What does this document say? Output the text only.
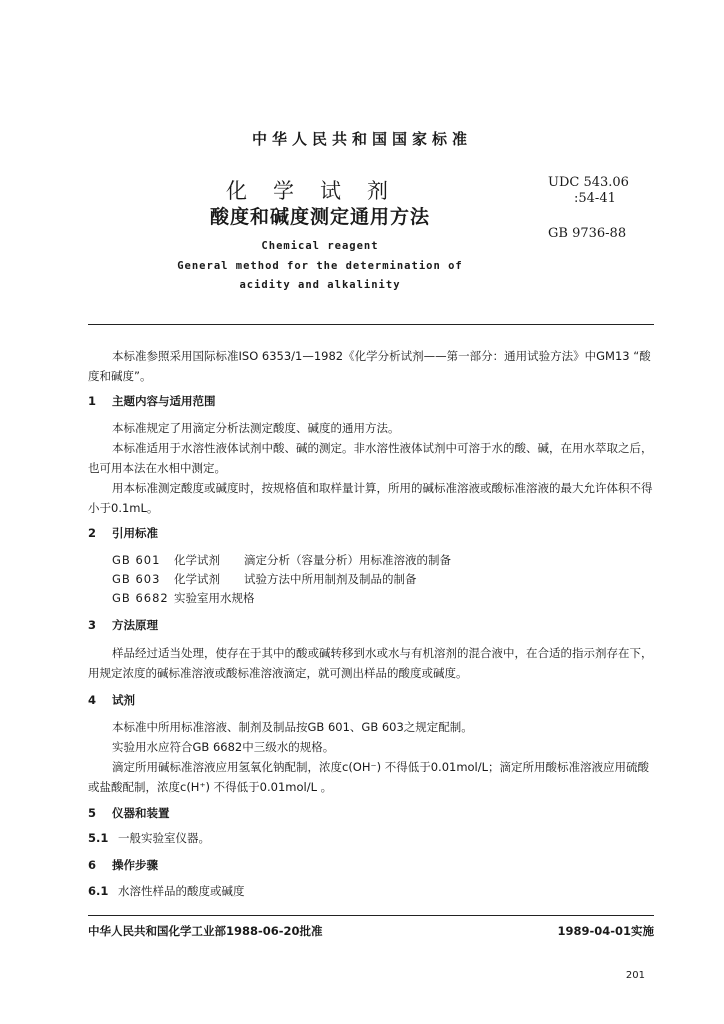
中华人民共和国国家标准

化学试剂

酸度和碱度测定通用方法

Chemical reagent

General method for the determination of

acidity and alkalinity

UDC 543.06

:54-41

GB 9736-88

本标准参照采用国际标准ISO 6353/1—1982《化学分析试剂——第一部分：通用试验方法》中GM13 “酸度和碱度”。

1 主题内容与适用范围

本标准规定了用滴定分析法测定酸度、碱度的通用方法。

本标准适用于水溶性液体试剂中酸、碱的测定。非水溶性液体试剂中可溶于水的酸、碱，在用水萃取之后，也可用本法在水相中测定。

用本标准测定酸度或碱度时，按规格值和取样量计算，所用的碱标准溶液或酸标准溶液的最大允许体积不得小于0.1mL。

2 引用标准

GB 601 化学试剂 滴定分析（容量分析）用标准溶液的制备

GB 603 化学试剂 试验方法中所用制剂及制品的制备

GB 6682 实验室用水规格

3 方法原理

样品经过适当处理，使存在于其中的酸或碱转移到水或水与有机溶剂的混合液中，在合适的指示剂存在下，用规定浓度的碱标准溶液或酸标准溶液滴定，就可测出样品的酸度或碱度。

4 试剂

本标准中所用标准溶液、制剂及制品按GB 601、GB 603之规定配制。

实验用水应符合GB 6682中三级水的规格。

滴定所用碱标准溶液应用氢氧化钠配制，浓度c(OH⁻) 不得低于0.01mol/L；滴定所用酸标准溶液应用硫酸或盐酸配制，浓度c(H⁺) 不得低于0.01mol/L 。

5 仪器和装置

5.1 一般实验室仪器。

6 操作步骤

6.1 水溶性样品的酸度或碱度

中华人民共和国化学工业部1988-06-20批准	1989-04-01实施

201
